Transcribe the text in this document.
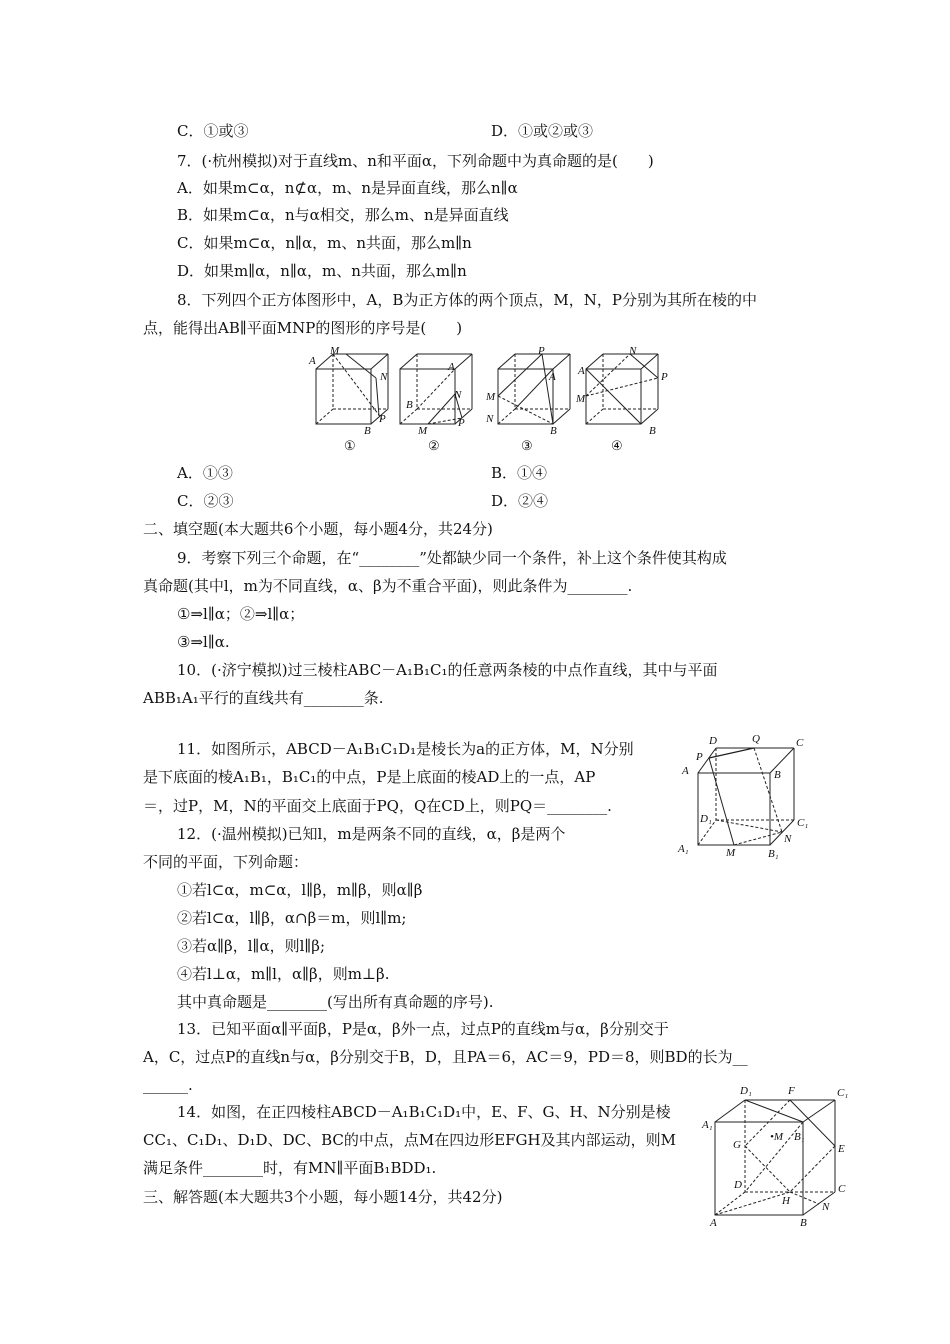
C．①或③	D．①或②或③
7．(·杭州模拟)对于直线m、n和平面α，下列命题中为真命题的是(　　)
A．如果m⊂α，n⊄α，m、n是异面直线，那么n∥α
B．如果m⊂α，n与α相交，那么m、n是异面直线
C．如果m⊂α，n∥α，m、n共面，那么m∥n
D．如果m∥α，n∥α，m、n共面，那么m∥n
8．下列四个正方体图形中，A，B为正方体的两个顶点，M，N，P分别为其所在棱的中
点，能得出AB∥平面MNP的图形的序号是(　　)
A
M
N
P
B
①
A
B
N
M
P
②
P
A
M
N
B
③
N
A	P
M
B
④
A．①③	B．①④
C．②③	D．②④
二、填空题(本大题共6个小题，每小题4分，共24分)
9．考察下列三个命题，在“________”处都缺少同一个条件，补上这个条件使其构成
真命题(其中l，m为不同直线，α、β为不重合平面)，则此条件为________.
①⇒l∥α；②⇒l∥α；
③⇒l∥α.
10．(·济宁模拟)过三棱柱ABC－A₁B₁C₁的任意两条棱的中点作直线，其中与平面
ABB₁A₁平行的直线共有________条.
11．如图所示，ABCD－A₁B₁C₁D₁是棱长为a的正方体，M，N分别
是下底面的棱A₁B₁，B₁C₁的中点，P是上底面的棱AD上的一点，AP
＝，过P，M，N的平面交上底面于PQ，Q在CD上，则PQ＝________.
D	Q	C
P
A	B
D₁	C₁
N
A₁	M	B₁
12．(·温州模拟)已知l，m是两条不同的直线，α，β是两个
不同的平面，下列命题：
①若l⊂α，m⊂α，l∥β，m∥β，则α∥β
②若l⊂α，l∥β，α∩β＝m，则l∥m;
③若α∥β，l∥α，则l∥β;
④若l⊥α，m∥l，α∥β，则m⊥β.
其中真命题是________(写出所有真命题的序号).
13．已知平面α∥平面β，P是α，β外一点，过点P的直线m与α，β分别交于
A，C，过点P的直线n与α，β分别交于B，D，且PA＝6，AC＝9，PD＝8，则BD的长为__
______.
14．如图，在正四棱柱ABCD－A₁B₁C₁D₁中，E、F、G、H、N分别是棱
CC₁、C₁D₁、D₁D、DC、BC的中点，点M在四边形EFGH及其内部运动，则M
满足条件________时，有MN∥平面B₁BDD₁.
三、解答题(本大题共3个小题，每小题14分，共42分)
D₁	F	C₁
A₁
G
•M B₁
E
D
H
C
N
A	B
